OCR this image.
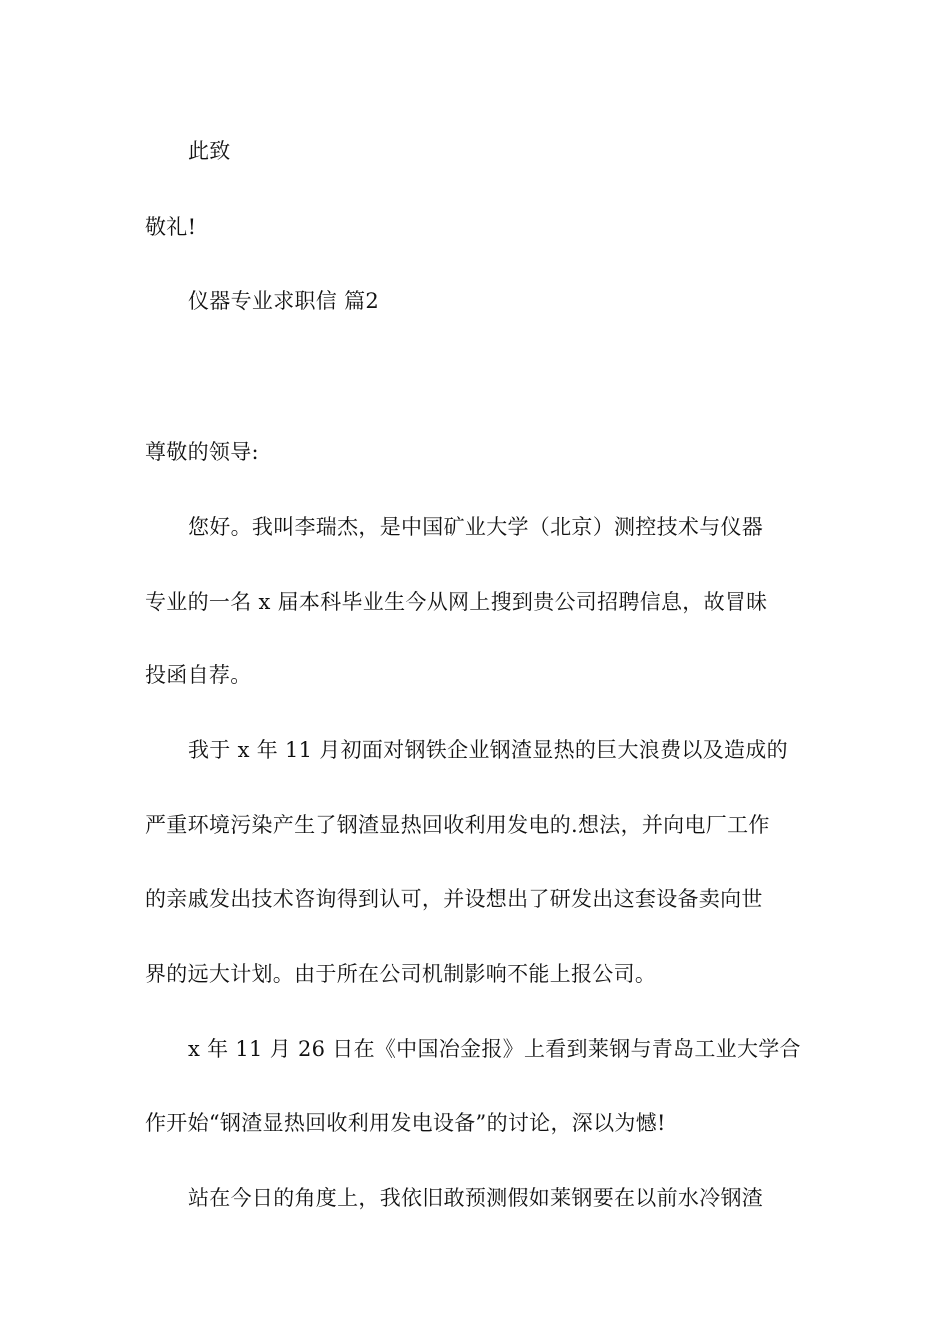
此致
敬礼!
仪器专业求职信 篇2
尊敬的领导:
您好。我叫李瑞杰，是中国矿业大学（北京）测控技术与仪器
专业的一名 x 届本科毕业生今从网上搜到贵公司招聘信息，故冒昧
投函自荐。
我于 x 年 11 月初面对钢铁企业钢渣显热的巨大浪费以及造成的
严重环境污染产生了钢渣显热回收利用发电的.想法，并向电厂工作
的亲戚发出技术咨询得到认可，并设想出了研发出这套设备卖向世
界的远大计划。由于所在公司机制影响不能上报公司。
x 年 11 月 26 日在《中国冶金报》上看到莱钢与青岛工业大学合
作开始“钢渣显热回收利用发电设备”的讨论，深以为憾!
站在今日的角度上，我依旧敢预测假如莱钢要在以前水冷钢渣
